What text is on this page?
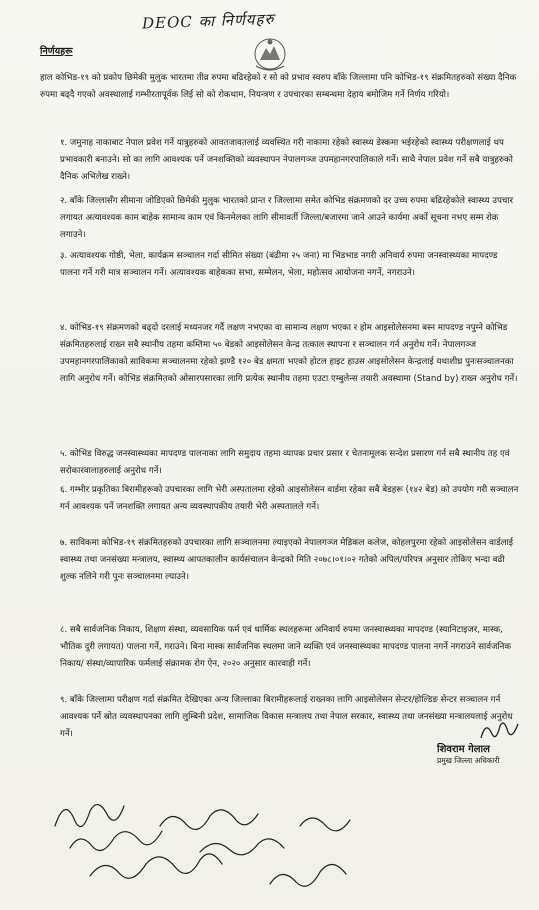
DEOC का निर्णयहरु
निर्णयहरू

हाल कोभिड-१९ को प्रकोप छिमेकी मुलुक भारतमा तीव्र रुपमा बढिरहेको र सो को प्रभाव स्वरुप बाँके जिल्लामा पनि कोभिड-१९ संक्रमितहरुको संख्या दैनिक रुपमा बढ्दै गएको अवस्थालाई गम्भीरतापूर्वक लिई सो को रोकथाम, नियन्त्रण र उपचारका सम्बन्धमा देहाय बमोजिम गर्ने निर्णय गरियो।

१. जमुनाह नाकाबाट नेपाल प्रवेश गर्ने यात्रुहरुको आवतजावतलाई व्यवस्थित गरी नाकामा रहेको स्वास्थ्य डेस्कमा भईरहेको स्वास्थ्य परीक्षणलाई थप प्रभावकारी बनाउने। सो का लागि आवश्यक पर्ने जनशक्तिको व्यवस्थापन नेपालगञ्ज उपमहानगरपालिकाले गर्ने। साथै नेपाल प्रवेश गर्ने सबै यात्रुहरुको दैनिक अभिलेख राख्ने।

२. बाँके जिल्लासँग सीमाना जोडिएको छिमेकी मुलुक भारतको प्रान्त र जिल्लामा समेत कोभिड संक्रमणको दर उच्च रुपमा बढिरहेकोले स्वास्थ्य उपचार लगायत अत्यावश्यक काम बाहेक सामान्य काम एवं किनमेलका लागि सीमावर्ती जिल्ला/बजारमा जाने आउने कार्यमा अर्को सूचना नभए सम्म रोक लगाउने।

३. अत्यावश्यक गोष्ठी, भेला, कार्यक्रम सञ्चालन गर्दा सीमित संख्या (बढीमा २५ जना) मा भिडभाड नगरी अनिवार्य रुपमा जनस्वास्थ्यका मापदण्ड पालना गर्ने गरी मात्र सञ्चालन गर्ने। अत्यावश्यक बाहेकका सभा, सम्मेलन, भेला, महोत्सव आयोजना नगर्ने, नगराउने।

४. कोभिड-१९ संक्रमणको बढ्दो दरलाई मध्यनजर गर्दै लक्षण नभएका वा सामान्य लक्षण भएका र होम आइसोलेसनमा बस्न मापदण्ड नपुग्ने कोभिड संक्रमितहरुलाई राख्न सबै स्थानीय तहमा कम्तिमा ५० बेडको आइसोलेसन केन्द्र तत्काल स्थापना र सञ्चालन गर्न अनुरोध गर्ने। नेपालगञ्ज उपमहानगरपालिकाको साविकमा सञ्चालनमा रहेको झण्डै १२० बेड क्षमता भएको होटल हाइट हाउस आइसोलेसन केन्द्रलाई यथाशीघ्र पुनःसञ्चालनका लागि अनुरोध गर्ने। कोभिड संक्रमितको ओसारपसारका लागि प्रत्येक स्थानीय तहमा एउटा एम्बुलेन्स तयारी अवस्थामा (Stand by) राख्न अनुरोध गर्ने।

५. कोभिड विरुद्ध जनस्वास्थ्यका मापदण्ड पालनाका लागि समुदाय तहमा व्यापक प्रचार प्रसार र चेतनामूलक सन्देश प्रसारण गर्न सबै स्थानीय तह एवं सरोकारवालाहरुलाई अनुरोध गर्ने।

६. गम्भीर प्रकृतिका बिरामीहरूको उपचारका लागि भेरी अस्पतालमा रहेको आइसोलेसन वार्डमा रहेका सबै बेडहरू (१४२ बेड) को उपयोग गरी सञ्चालन गर्न आवश्यक पर्ने जनशक्ति लगायत अन्य व्यवस्थापकीय तयारी भेरी अस्पतालले गर्ने।

७. साविकमा कोभिड-१९ संक्रमितहरुको उपचारका लागि सञ्चालनमा ल्याइएको नेपालगञ्ज मेडिकल कलेज, कोहलपुरमा रहेको आइसोलेसन वार्डलाई स्वास्थ्य तथा जनसंख्या मन्त्रालय, स्वास्थ्य आपतकालीन कार्यसंचालन केन्द्रको मिति २०७८।०१।०२ गतेको अपिल/परिपत्र अनुसार तोकिए भन्दा बढी शुल्क नलिने गरी पुनः सञ्चालनमा ल्याउने।

८. सबै सार्वजनिक निकाय, शिक्षण संस्था, व्यवसायिक फर्म एवं धार्मिक स्थलहरूमा अनिवार्य रुपमा जनस्वास्थ्यका मापदण्ड (स्यानिटाइजर, मास्क, भौतिक दुरी लगायत) पालना गर्ने, गराउने। बिना मास्क सार्वजनिक स्थलमा जाने व्यक्ति एवं जनस्वास्थ्यका मापदण्ड पालना नगर्ने नगराउने सार्वजनिक निकाय/ संस्था/व्यापारिक फर्मलाई संक्रामक रोग ऐन, २०२० अनुसार कारवाही गर्ने।

९. बाँके जिल्लामा परीक्षण गर्दा संक्रमित देखिएका अन्य जिल्लाका बिरामीहरूलाई राख्नका लागि आइसोलेसन सेन्टर/होल्डिङ सेन्टर सञ्चालन गर्न आवश्यक पर्ने स्रोत व्यवस्थापनका लागि लुम्बिनी प्रदेश, सामाजिक विकास मन्त्रालय तथा नेपाल सरकार, स्वास्थ्य तथा जनसंख्या मन्त्रालयलाई अनुरोध गर्ने।

शिवराम गेलाल
प्रमुख जिल्ला अधिकारी
